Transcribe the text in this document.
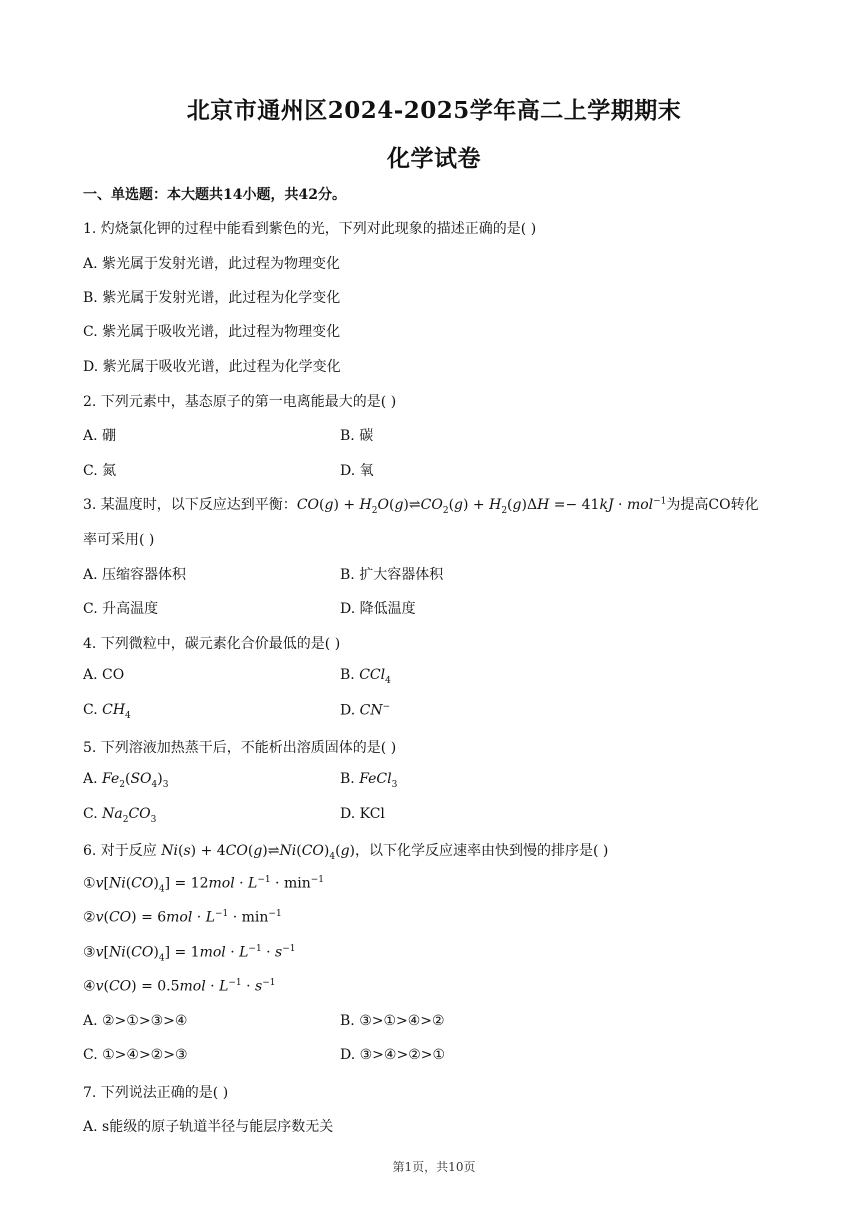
北京市通州区2024-2025学年高二上学期期末
化学试卷
一、单选题：本大题共14小题，共42分。
1. 灼烧氯化钾的过程中能看到紫色的光，下列对此现象的描述正确的是( )
A. 紫光属于发射光谱，此过程为物理变化
B. 紫光属于发射光谱，此过程为化学变化
C. 紫光属于吸收光谱，此过程为物理变化
D. 紫光属于吸收光谱，此过程为化学变化
2. 下列元素中，基态原子的第一电离能最大的是( )
A. 硼	B. 碳
C. 氮	D. 氧
3. 某温度时，以下反应达到平衡：$CO(g) + H_2O(g)\rightleftharpoons CO_2(g) + H_2(g)\Delta H =- 41kJ \cdot mol^{-1}$为提高CO转化
率可采用( )
A. 压缩容器体积	B. 扩大容器体积
C. 升高温度	D. 降低温度
4. 下列微粒中，碳元素化合价最低的是( )
A. CO	B. CCl$_4$
C. $CH_4$	D. CN−
5. 下列溶液加热蒸干后，不能析出溶质固体的是( )
A. $Fe_2(SO_4)_3$	B. FeCl$_3$
C. $Na_2CO_3$	D. KCl
6. 对于反应 $Ni(s) + 4CO(g)\rightleftharpoons Ni(CO)_4(g)$，以下化学反应速率由快到慢的排序是( )
$①v[Ni(CO)_4] = 12mol \cdot L^{-1} \cdot \min^{-1}$
②v(CO) = $6mol \cdot L^{-1} \cdot \min^{-1}$
$③v[Ni(CO)_4] = 1mol \cdot L^{-1} \cdot s^{-1}$
④v(CO) = $0.5mol \cdot L^{-1} \cdot s^{-1}$
A. ②>①>③>④	B. ③>①>④>②
C. ①>④>②>③	D. ③>④>②>①
7. 下列说法正确的是( )
A. s能级的原子轨道半径与能层序数无关
第1页，共10页
